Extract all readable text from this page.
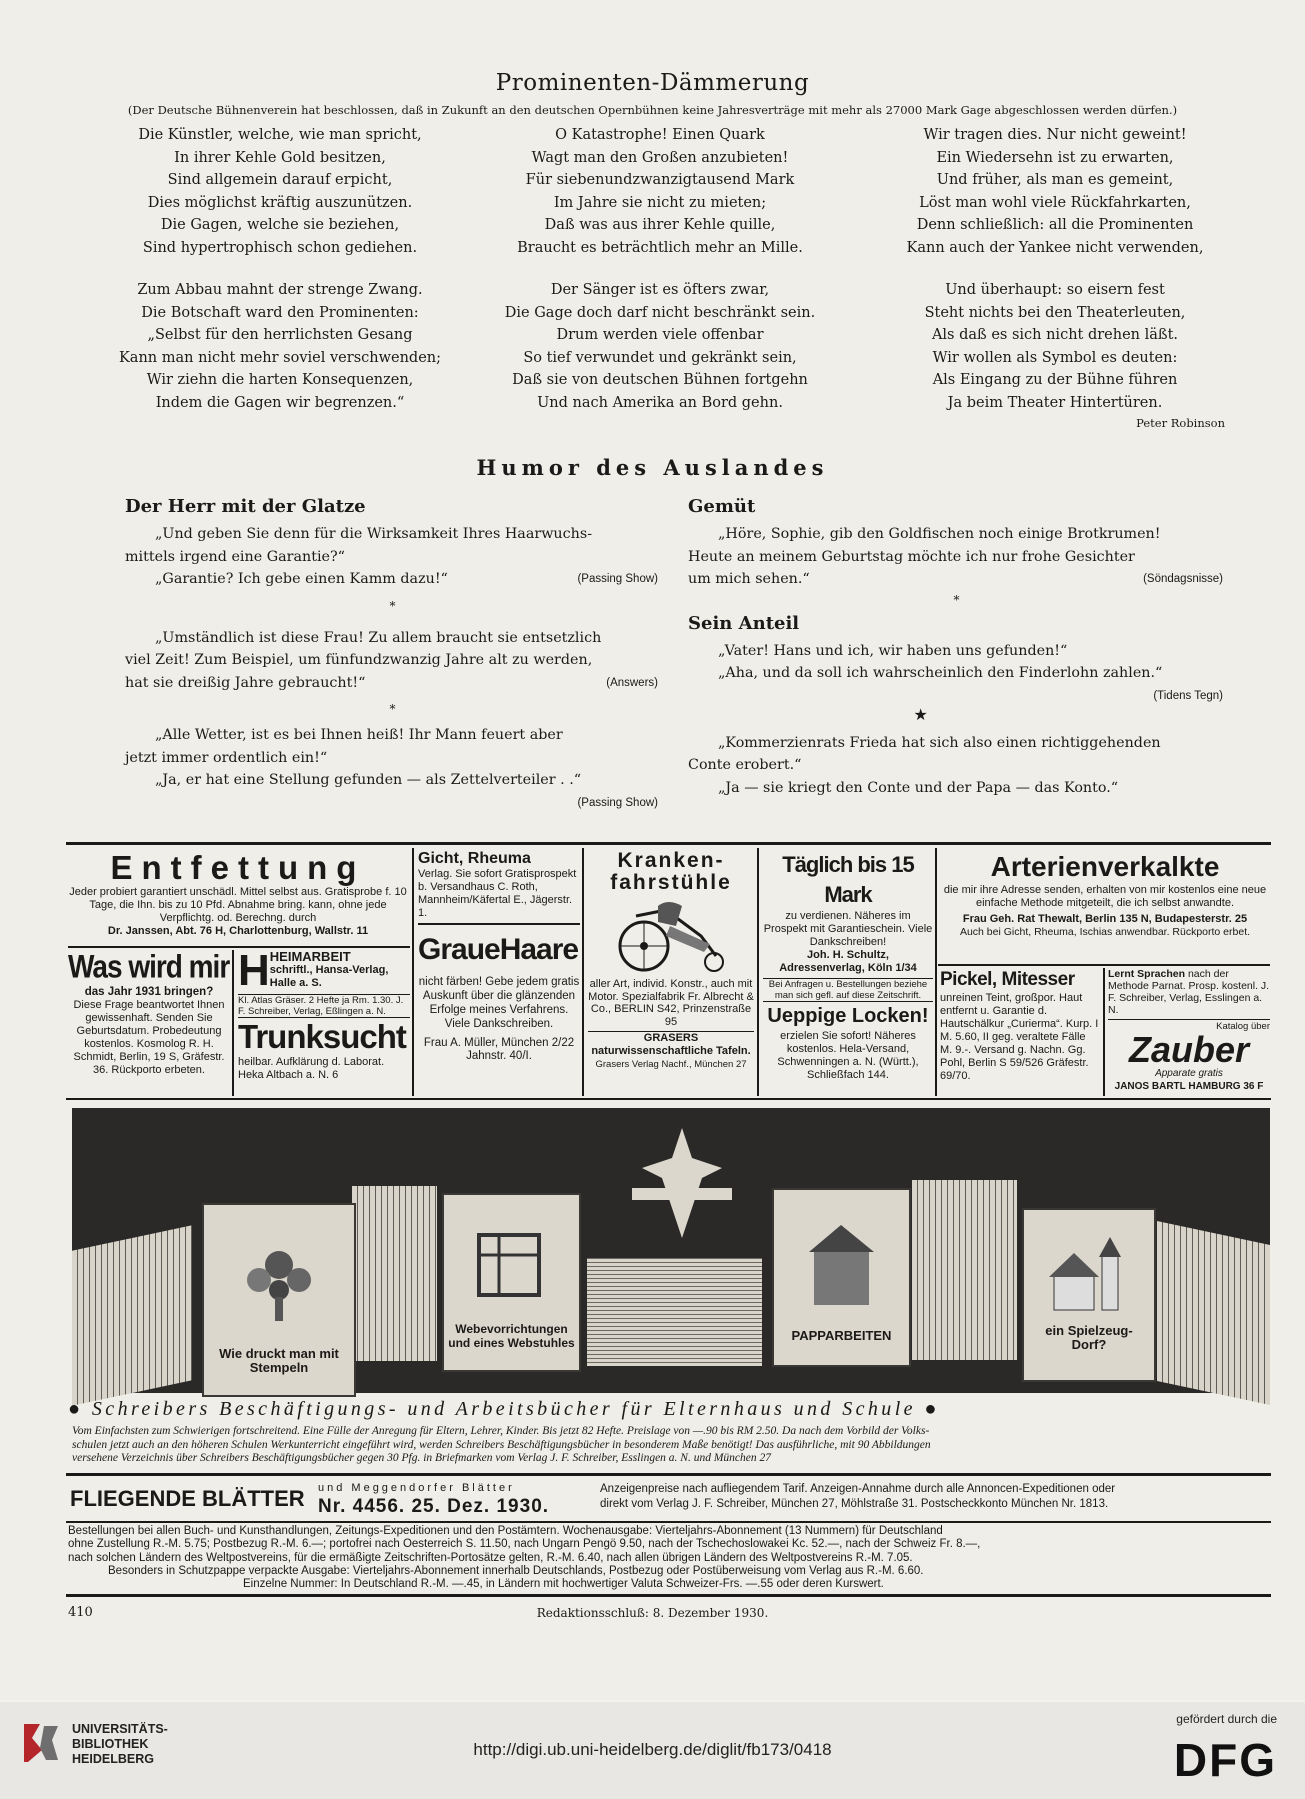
Prominenten-Dämmerung
(Der Deutsche Bühnenverein hat beschlossen, daß in Zukunft an den deutschen Opernbühnen keine Jahresverträge mit mehr als 27000 Mark Gage abgeschlossen werden dürfen.)
Die Künstler, welche, wie man spricht,
In ihrer Kehle Gold besitzen,
Sind allgemein darauf erpicht,
Dies möglichst kräftig auszunützen.
Die Gagen, welche sie beziehen,
Sind hypertrophisch schon gediehen.
Zum Abbau mahnt der strenge Zwang.
Die Botschaft ward den Prominenten:
„Selbst für den herrlichsten Gesang
Kann man nicht mehr soviel verschwenden;
Wir ziehn die harten Konsequenzen,
Indem die Gagen wir begrenzen.“
O Katastrophe! Einen Quark
Wagt man den Großen anzubieten!
Für siebenundzwanzigtausend Mark
Im Jahre sie nicht zu mieten;
Daß was aus ihrer Kehle quille,
Braucht es beträchtlich mehr an Mille.
Der Sänger ist es öfters zwar,
Die Gage doch darf nicht beschränkt sein.
Drum werden viele offenbar
So tief verwundet und gekränkt sein,
Daß sie von deutschen Bühnen fortgehn
Und nach Amerika an Bord gehn.
Wir tragen dies. Nur nicht geweint!
Ein Wiedersehn ist zu erwarten,
Und früher, als man es gemeint,
Löst man wohl viele Rückfahrkarten,
Denn schließlich: all die Prominenten
Kann auch der Yankee nicht verwenden,
Und überhaupt: so eisern fest
Steht nichts bei den Theaterleuten,
Als daß es sich nicht drehen läßt.
Wir wollen als Symbol es deuten:
Als Eingang zu der Bühne führen
Ja beim Theater Hintertüren.
Peter Robinson
Humor des Auslandes
Der Herr mit der Glatze
„Und geben Sie denn für die Wirksamkeit Ihres Haarwuchs-
mittels irgend eine Garantie?“
(Passing Show)
„Garantie? Ich gebe einen Kamm dazu!“
*
„Umständlich ist diese Frau! Zu allem braucht sie entsetzlich
viel Zeit! Zum Beispiel, um fünfundzwanzig Jahre alt zu werden,
(Answers)
hat sie dreißig Jahre gebraucht!“
*
„Alle Wetter, ist es bei Ihnen heiß! Ihr Mann feuert aber
jetzt immer ordentlich ein!“
„Ja, er hat eine Stellung gefunden — als Zettelverteiler . .“
(Passing Show)
Gemüt
„Höre, Sophie, gib den Goldfischen noch einige Brotkrumen!
Heute an meinem Geburtstag möchte ich nur frohe Gesichter
(Söndagsnisse)
um mich sehen.“
*
Sein Anteil
„Vater! Hans und ich, wir haben uns gefunden!“
„Aha, und da soll ich wahrscheinlich den Finderlohn zahlen.“
(Tidens Tegn)
★
„Kommerzienrats Frieda hat sich also einen richtiggehenden
Conte erobert.“
„Ja — sie kriegt den Conte und der Papa — das Konto.“
Entfettung
Jeder probiert garantiert unschädl. Mittel selbst aus. Gratisprobe f. 10 Tage, die Ihn. bis zu 10 Pfd. Abnahme bring. kann, ohne jede Verpflichtg. od. Berechng. durch
Dr. Janssen, Abt. 76 H, Charlottenburg, Wallstr. 11
Was wird mir
das Jahr 1931 bringen?
Diese Frage beantwortet Ihnen gewissenhaft. Senden Sie Geburtsdatum. Probedeutung kostenlos. Kosmolog R. H. Schmidt, Berlin, 19 S, Gräfestr. 36. Rückporto erbeten.
H HEIMARBEIT
schriftl., Hansa-Verlag, Halle a. S.
Kl. Atlas Gräser. 2 Hefte ja Rm. 1.30. J. F. Schreiber, Verlag, Eßlingen a. N.
Trunksucht
heilbar. Aufklärung d. Laborat. Heka Altbach a. N. 6
Gicht, Rheuma
Verlag. Sie sofort Gratisprospekt b. Versandhaus C. Roth, Mannheim/Käfertal E., Jägerstr. 1.
GraueHaare
nicht färben! Gebe jedem gratis Auskunft über die glänzenden Erfolge meines Verfahrens. Viele Dankschreiben.
Frau A. Müller, München 2/22 Jahnstr. 40/I.
Kranken-fahrstühle
aller Art, individ. Konstr., auch mit Motor. Spezialfabrik Fr. Albrecht & Co., BERLIN S42, Prinzenstraße 95
GRASERS naturwissenschaftliche Tafeln.
Grasers Verlag Nachf., München 27
Täglich bis 15 Mark
zu verdienen. Näheres im Prospekt mit Garantieschein. Viele Dankschreiben!
Joh. H. Schultz, Adressenverlag, Köln 1/34
Bei Anfragen u. Bestellungen beziehe man sich gefl. auf diese Zeitschrift.
Ueppige Locken!
erzielen Sie sofort! Näheres kostenlos. Hela-Versand, Schwenningen a. N. (Württ.), Schließfach 144.
Arterienverkalkte
die mir ihre Adresse senden, erhalten von mir kostenlos eine neue einfache Methode mitgeteilt, die ich selbst anwandte.
Frau Geh. Rat Thewalt, Berlin 135 N, Budapesterstr. 25
Auch bei Gicht, Rheuma, Ischias anwendbar. Rückporto erbet.
Pickel, Mitesser
unreinen Teint, großpor. Haut entfernt u. Garantie d. Hautschälkur „Curierma“. Kurp. I M. 5.60, II geg. veraltete Fälle M. 9.-. Versand g. Nachn. Gg. Pohl, Berlin S 59/526 Gräfestr. 69/70.
Lernt Sprachen nach der Methode Parnat. Prosp. kostenl. J. F. Schreiber, Verlag, Esslingen a. N.
Katalog über
Zauber
Apparate gratis
JANOS BARTL HAMBURG 36 F
Wie druckt man mit Stempeln
Webevorrichtungen und eines Webstuhles	PAPPARBEITEN	ein Spielzeug-Dorf?
● Schreibers Beschäftigungs- und Arbeitsbücher für Elternhaus und Schule ●
Vom Einfachsten zum Schwierigen fortschreitend. Eine Fülle der Anregung für Eltern, Lehrer, Kinder. Bis jetzt 82 Hefte. Preislage von —.90 bis RM 2.50. Da nach dem Vorbild der Volks-
schulen jetzt auch an den höheren Schulen Werkunterricht eingeführt wird, werden Schreibers Beschäftigungsbücher in besonderem Maße benötigt! Das ausführliche, mit 90 Abbildungen
versehene Verzeichnis über Schreibers Beschäftigungsbücher gegen 30 Pfg. in Briefmarken vom Verlag J. F. Schreiber, Esslingen a. N. und München 27
FLIEGENDE BLÄTTER und Meggendorfer Blätter
Nr. 4456. 25. Dez. 1930.
Anzeigenpreise nach aufliegendem Tarif. Anzeigen-Annahme durch alle Annoncen-Expeditionen oder
direkt vom Verlag J. F. Schreiber, München 27, Möhlstraße 31. Postscheckkonto München Nr. 1813.
Bestellungen bei allen Buch- und Kunsthandlungen, Zeitungs-Expeditionen und den Postämtern. Wochenausgabe: Vierteljahrs-Abonnement (13 Nummern) für Deutschland
ohne Zustellung R.-M. 5.75; Postbezug R.-M. 6.—; portofrei nach Oesterreich S. 11.50, nach Ungarn Pengö 9.50, nach der Tschechoslowakei Kc. 52.—, nach der Schweiz Fr. 8.—,
nach solchen Ländern des Weltpostvereins, für die ermäßigte Zeitschriften-Portosätze gelten, R.-M. 6.40, nach allen übrigen Ländern des Weltpostvereins R.-M. 7.05.
Besonders in Schutzpappe verpackte Ausgabe: Vierteljahrs-Abonnement innerhalb Deutschlands, Postbezug oder Postüberweisung vom Verlag aus R.-M. 6.60.
Einzelne Nummer: In Deutschland R.-M. —.45, in Ländern mit hochwertiger Valuta Schweizer-Frs. —.55 oder deren Kurswert.
410	Redaktionsschluß: 8. Dezember 1930.
UNIVERSITÄTS-
BIBLIOTHEK
HEIDELBERG	http://digi.ub.uni-heidelberg.de/diglit/fb173/0418
gefördert durch die
DFG
